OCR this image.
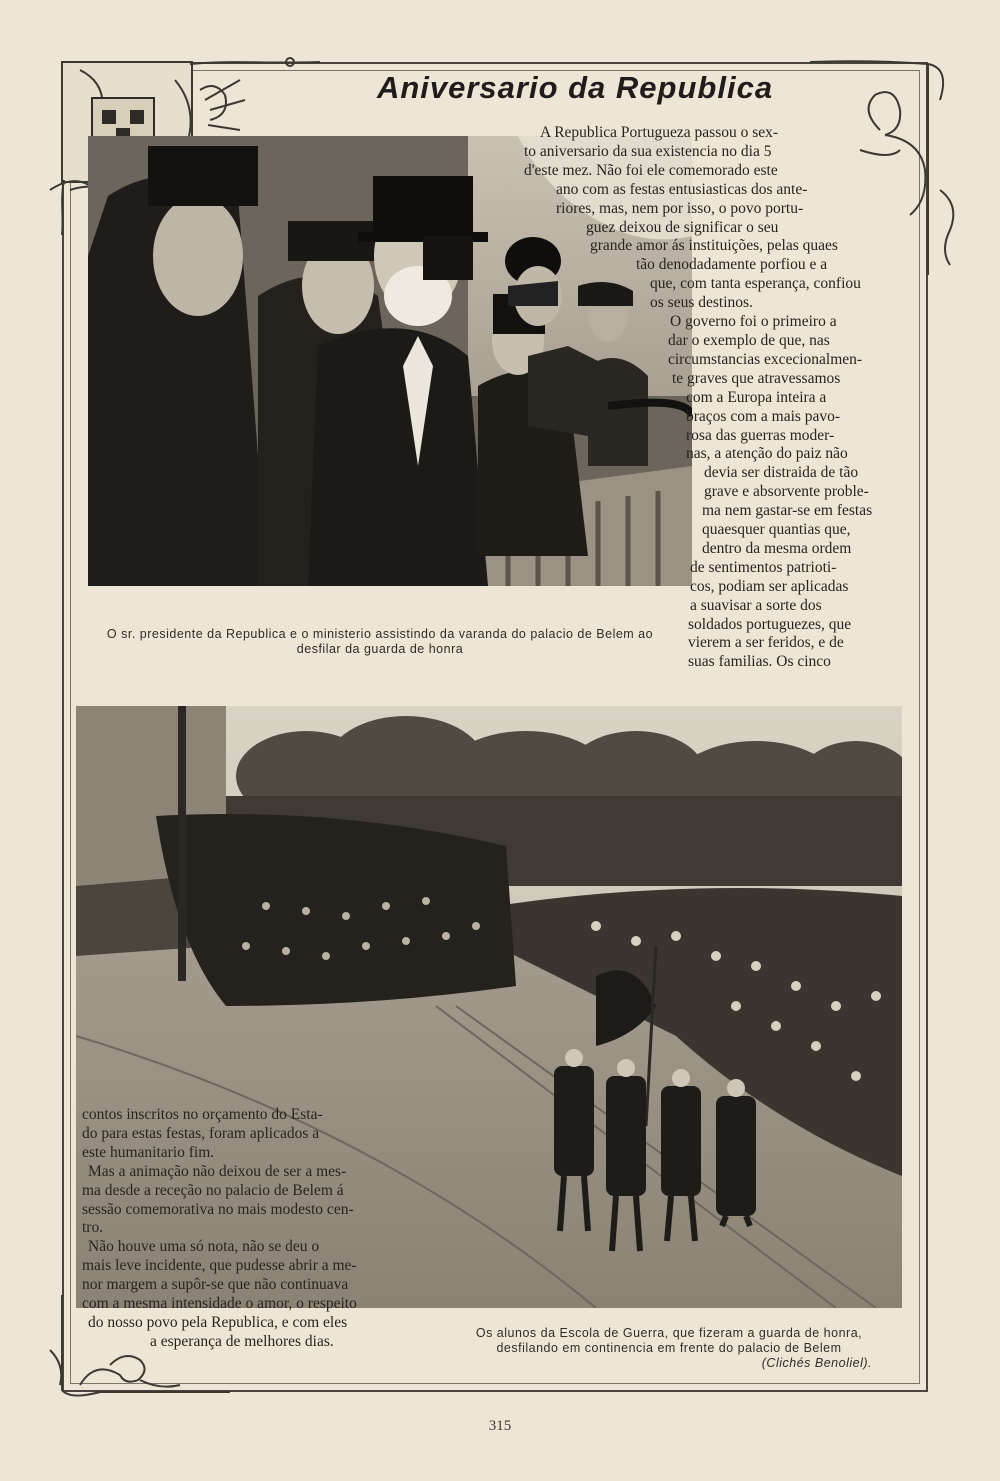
Aniversario da Republica

O sr. presidente da Republica e o ministerio assistindo da varanda do palacio de Belem ao desfilar da guarda de honra

A Republica Portugueza passou o sex-
to aniversario da sua existencia no dia 5
d'este mez. Não foi ele comemorado este
ano com as festas entusiasticas dos ante-
riores, mas, nem por isso, o povo portu-
guez deixou de significar o seu
grande amor ás instituições, pelas quaes
tão denodadamente porfiou e a
que, com tanta esperança, confiou
os seus destinos.
O governo foi o primeiro a
dar o exemplo de que, nas
circumstancias excecionalmen-
te graves que atravessamos
com a Europa inteira a
braços com a mais pavo-
rosa das guerras moder-
nas, a atenção do paiz não
devia ser distraida de tão
grave e absorvente proble-
ma nem gastar-se em festas
quaesquer quantias que,
dentro da mesma ordem
de sentimentos patrioti-
cos, podiam ser aplicadas
a suavisar a sorte dos
soldados portuguezes, que
vierem a ser feridos, e de
suas familias. Os cinco
contos inscritos no orçamento do Esta-
do para estas festas, foram aplicados a
este humanitario fim.
Mas a animação não deixou de ser a mes-
ma desde a receção no palacio de Belem á
sessão comemorativa no mais modesto cen-
tro.
Não houve uma só nota, não se deu o
mais leve incidente, que pudesse abrir a me-
nor margem a supôr-se que não continuava
com a mesma intensidade o amor, o respeito
do nosso povo pela Republica, e com eles
a esperança de melhores dias.	Os alunos da Escola de Guerra, que fizeram a guarda de honra,
desfilando em continencia em frente do palacio de Belem
(Clichés Benoliel).
315
